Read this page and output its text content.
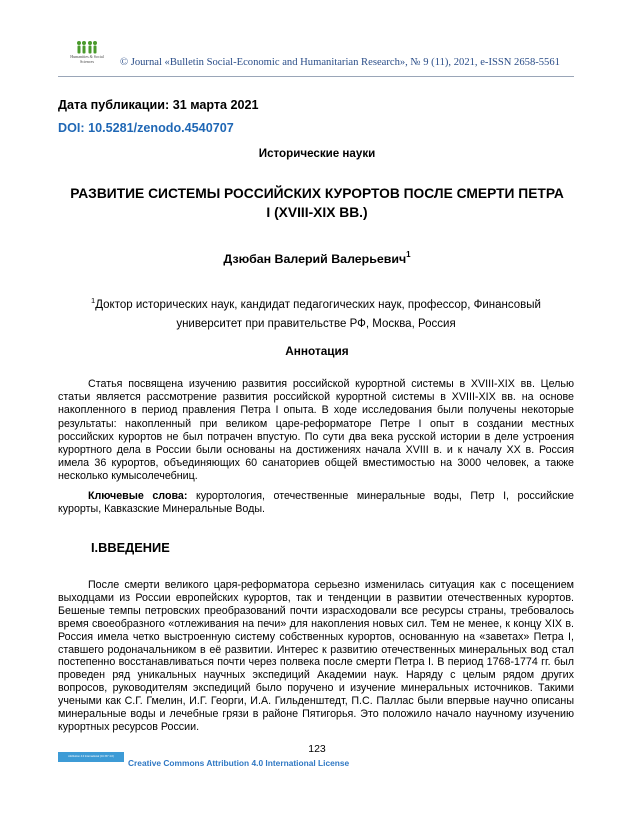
Humanities & Social
Sciences	© Journal «Bulletin Social-Economic and Humanitarian Research», № 9 (11), 2021, e-ISSN 2658-5561
Дата публикации: 31 марта 2021
DOI: 10.5281/zenodo.4540707
Исторические науки
РАЗВИТИЕ СИСТЕМЫ РОССИЙСКИХ КУРОРТОВ ПОСЛЕ СМЕРТИ ПЕТРА I (XVIII-XIX ВВ.)
Дзюбан Валерий Валерьевич$^1$
$^1$Доктор исторических наук, кандидат педагогических наук, профессор, Финансовый университет при правительстве РФ, Москва, Россия
Аннотация

Статья посвящена изучению развития российской курортной системы в XVIII-XIX вв. Целью статьи является рассмотрение развития российской курортной системы в XVIII-XIX вв. на основе накопленного в период правления Петра I опыта. В ходе исследования были получены некоторые результаты: накопленный при великом царе-реформаторе Петре I опыт в создании местных российских курортов не был потрачен впустую. По сути два века русской истории в деле устроения курортного дела в России были основаны на достижениях начала XVIII в. и к началу XX в. Россия имела 36 курортов, объединяющих 60 санаториев общей вместимостью на 3000 человек, а также несколько кумысолечебниц.

Ключевые слова: курортология, отечественные минеральные воды, Петр I, российские курорты, Кавказские Минеральные Воды.

I.ВВЕДЕНИЕ

После смерти великого царя-реформатора серьезно изменилась ситуация как с посещением выходцами из России европейских курортов, так и тенденции в развитии отечественных курортов. Бешеные темпы петровских преобразований почти израсходовали все ресурсы страны, требовалось время своеобразного «отлеживания на печи» для накопления новых сил. Тем не менее, к концу XIX в. Россия имела четко выстроенную систему собственных курортов, основанную на «заветах» Петра I, ставшего родоначальником в её развитии. Интерес к развитию отечественных минеральных вод стал постепенно восстанавливаться почти через полвека после смерти Петра I. В период 1768-1774 гг. был проведен ряд уникальных научных экспедиций Академии наук. Наряду с целым рядом других вопросов, руководителям экспедиций было поручено и изучение минеральных источников. Такими учеными как С.Г. Гмелин, И.Г. Георги, И.А. Гильденштедт, П.С. Паллас были впервые научно описаны минеральные воды и лечебные грязи в районе Пятигорья. Это положило начало научному изучению курортных ресурсов России.

123
Attribution 4.0 International (CC BY 4.0)
Creative Commons Attribution 4.0 International License
